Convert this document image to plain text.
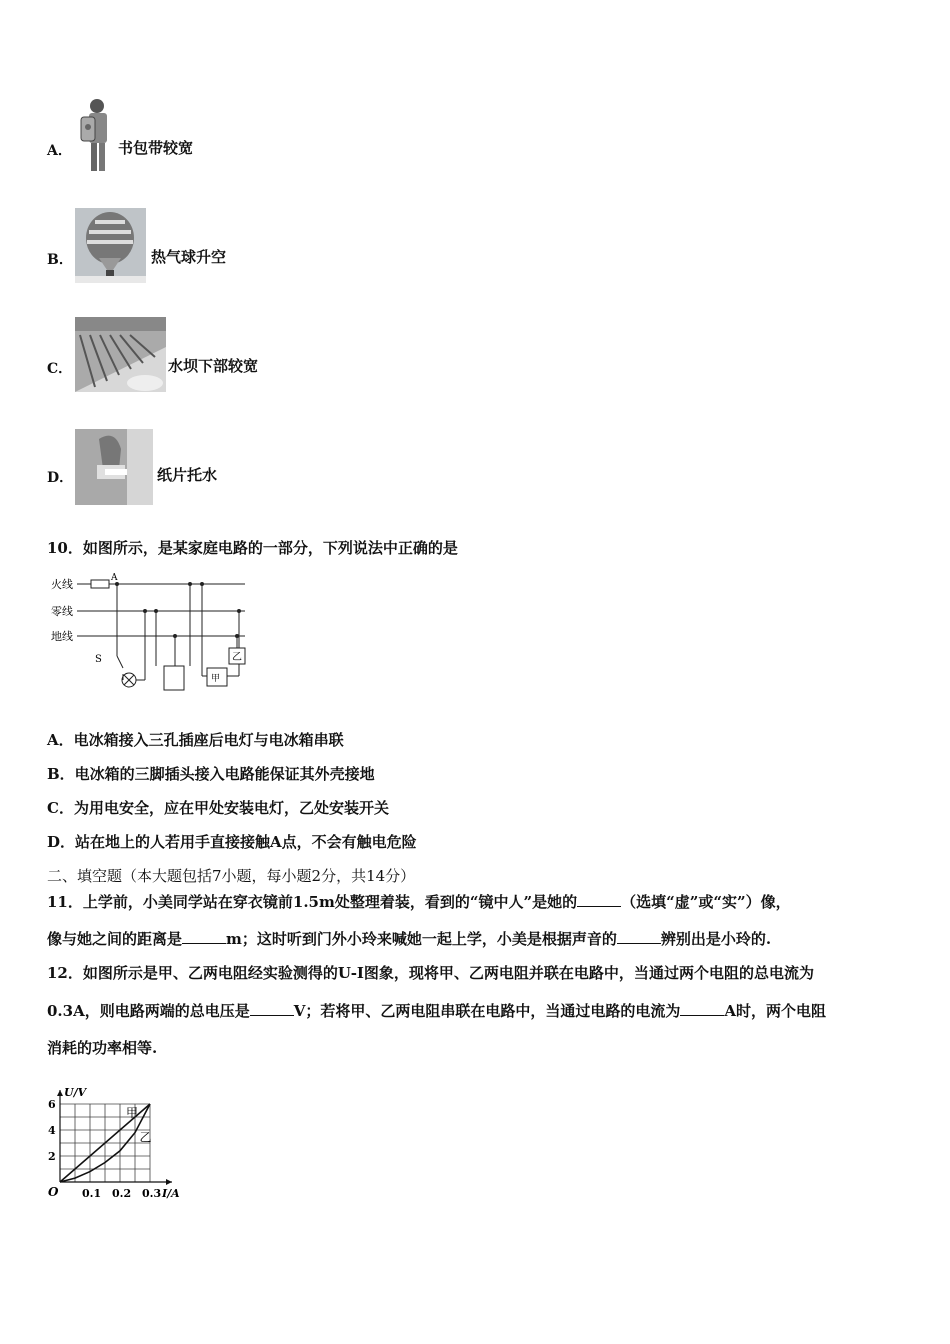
A．	书包带较宽
B．	热气球升空
C．	水坝下部较宽
D．	纸片托水
10．如图所示，是某家庭电路的一部分，下列说法中正确的是
火线
零线
地线
A
S
甲
乙
A．电冰箱接入三孔插座后电灯与电冰箱串联
B．电冰箱的三脚插头接入电路能保证其外壳接地
C．为用电安全，应在甲处安装电灯，乙处安装开关
D．站在地上的人若用手直接接触A点，不会有触电危险
二、填空题（本大题包括7小题，每小题2分，共14分）
11．上学前，小美同学站在穿衣镜前1.5m处整理着装，看到的“镜中人”是她的	（选填“虚”或“实”）像，
像与她之间的距离是	m；这时听到门外小玲来喊她一起上学，小美是根据声音的	辨别出是小玲的.
12．如图所示是甲、乙两电阻经实验测得的U-I图象，现将甲、乙两电阻并联在电路中，当通过两个电阻的总电流为
0.3A，则电路两端的总电压是	V；若将甲、乙两电阻串联在电路中，当通过电路的电流为	A时，两个电阻
消耗的功率相等.
甲
乙
0.1 0.2 0.3
2
4
6
O	I/A
U/V
